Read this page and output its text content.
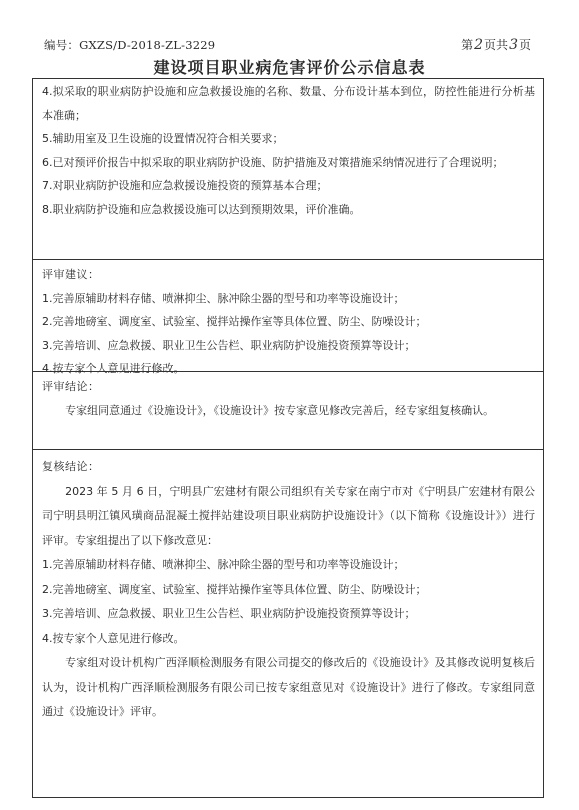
编号：GXZS/D-2018-ZL-3229	第2页共3页
建设项目职业病危害评价公示信息表

4.拟采取的职业病防护设施和应急救援设施的名称、数量、分布设计基本到位，防控性能进行分析基本准确；

5.辅助用室及卫生设施的设置情况符合相关要求；

6.已对预评价报告中拟采取的职业病防护设施、防护措施及对策措施采纳情况进行了合理说明；

7.对职业病防护设施和应急救援设施投资的预算基本合理；

8.职业病防护设施和应急救援设施可以达到预期效果，评价准确。

评审建议：

1.完善原辅助材料存储、喷淋抑尘、脉冲除尘器的型号和功率等设施设计；

2.完善地磅室、调度室、试验室、搅拌站操作室等具体位置、防尘、防噪设计；

3.完善培训、应急救援、职业卫生公告栏、职业病防护设施投资预算等设计；

4.按专家个人意见进行修改。

评审结论：

专家组同意通过《设施设计》，《设施设计》按专家意见修改完善后，经专家组复核确认。

复核结论：

2023 年 5 月 6 日，宁明县广宏建材有限公司组织有关专家在南宁市对《宁明县广宏建材有限公司宁明县明江镇风璜商品混凝土搅拌站建设项目职业病防护设施设计》（以下简称《设施设计》）进行评审。专家组提出了以下修改意见：

1.完善原辅助材料存储、喷淋抑尘、脉冲除尘器的型号和功率等设施设计；

2.完善地磅室、调度室、试验室、搅拌站操作室等具体位置、防尘、防噪设计；

3.完善培训、应急救援、职业卫生公告栏、职业病防护设施投资预算等设计；

4.按专家个人意见进行修改。

专家组对设计机构广西泽顺检测服务有限公司提交的修改后的《设施设计》及其修改说明复核后认为，设计机构广西泽顺检测服务有限公司已按专家组意见对《设施设计》进行了修改。专家组同意通过《设施设计》评审。
